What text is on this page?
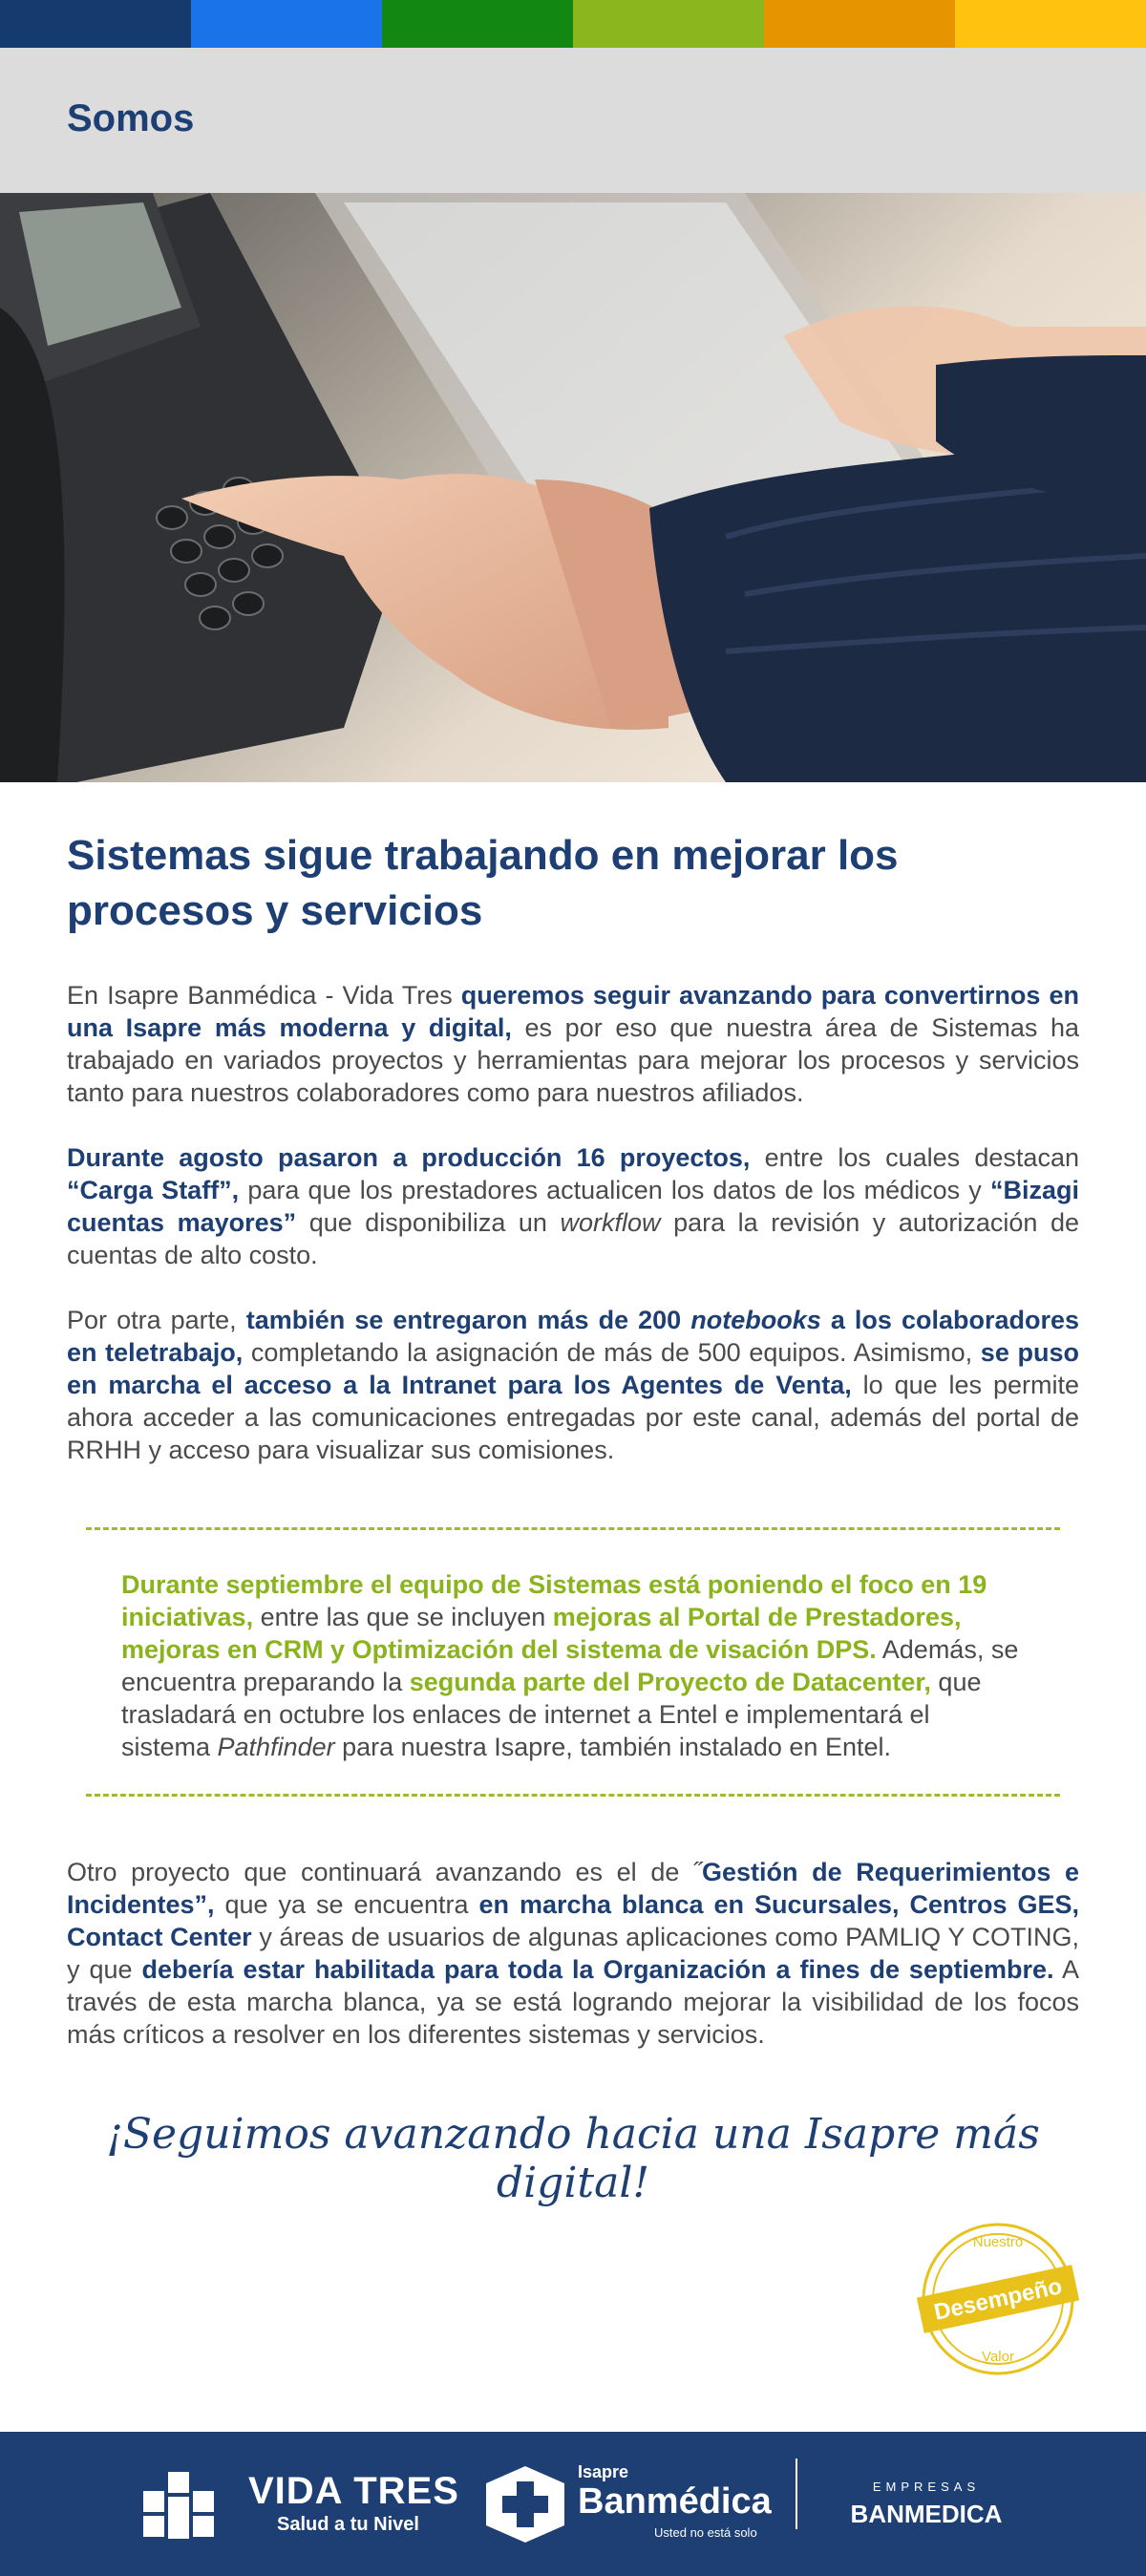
Somos
Sistemas sigue trabajando en mejorar los procesos y servicios

En Isapre Banmédica - Vida Tres queremos seguir avanzando para convertirnos en una Isapre más moderna y digital, es por eso que nuestra área de Sistemas ha trabajado en variados proyectos y herramientas para mejorar los procesos y servicios tanto para nuestros colaboradores como para nuestros afiliados.

Durante agosto pasaron a producción 16 proyectos, entre los cuales destacan “Carga Staff”, para que los prestadores actualicen los datos de los médicos y “Bizagi cuentas mayores” que disponibiliza un workflow para la revisión y autorización de cuentas de alto costo.

Por otra parte, también se entregaron más de 200 notebooks a los colaboradores en teletrabajo, completando la asignación de más de 500 equipos. Asimismo, se puso en marcha el acceso a la Intranet para los Agentes de Venta, lo que les permite ahora acceder a las comunicaciones entregadas por este canal, además del portal de RRHH y acceso para visualizar sus comisiones.

Durante septiembre el equipo de Sistemas está poniendo el foco en 19 iniciativas, entre las que se incluyen mejoras al Portal de Prestadores, mejoras en CRM y Optimización del sistema de visación DPS. Además, se encuentra preparando la segunda parte del Proyecto de Datacenter, que trasladará en octubre los enlaces de internet a Entel e implementará el sistema Pathfinder para nuestra Isapre, también instalado en Entel.

Otro proyecto que continuará avanzando es el de ˝Gestión de Requerimientos e Incidentes”, que ya se encuentra en marcha blanca en Sucursales, Centros GES, Contact Center y áreas de usuarios de algunas aplicaciones como PAMLIQ Y COTING, y que debería estar habilitada para toda la Organización a fines de septiembre. A través de esta marcha blanca, ya se está logrando mejorar la visibilidad de los focos más críticos a resolver en los diferentes sistemas y servicios.

¡Seguimos avanzando hacia una Isapre más digital!
Nuestro
Desempeño
Valor
VIDA TRES
Salud a tu Nivel
Isapre
Banmédica
Usted no está solo
EMPRESAS
BANMEDICA
